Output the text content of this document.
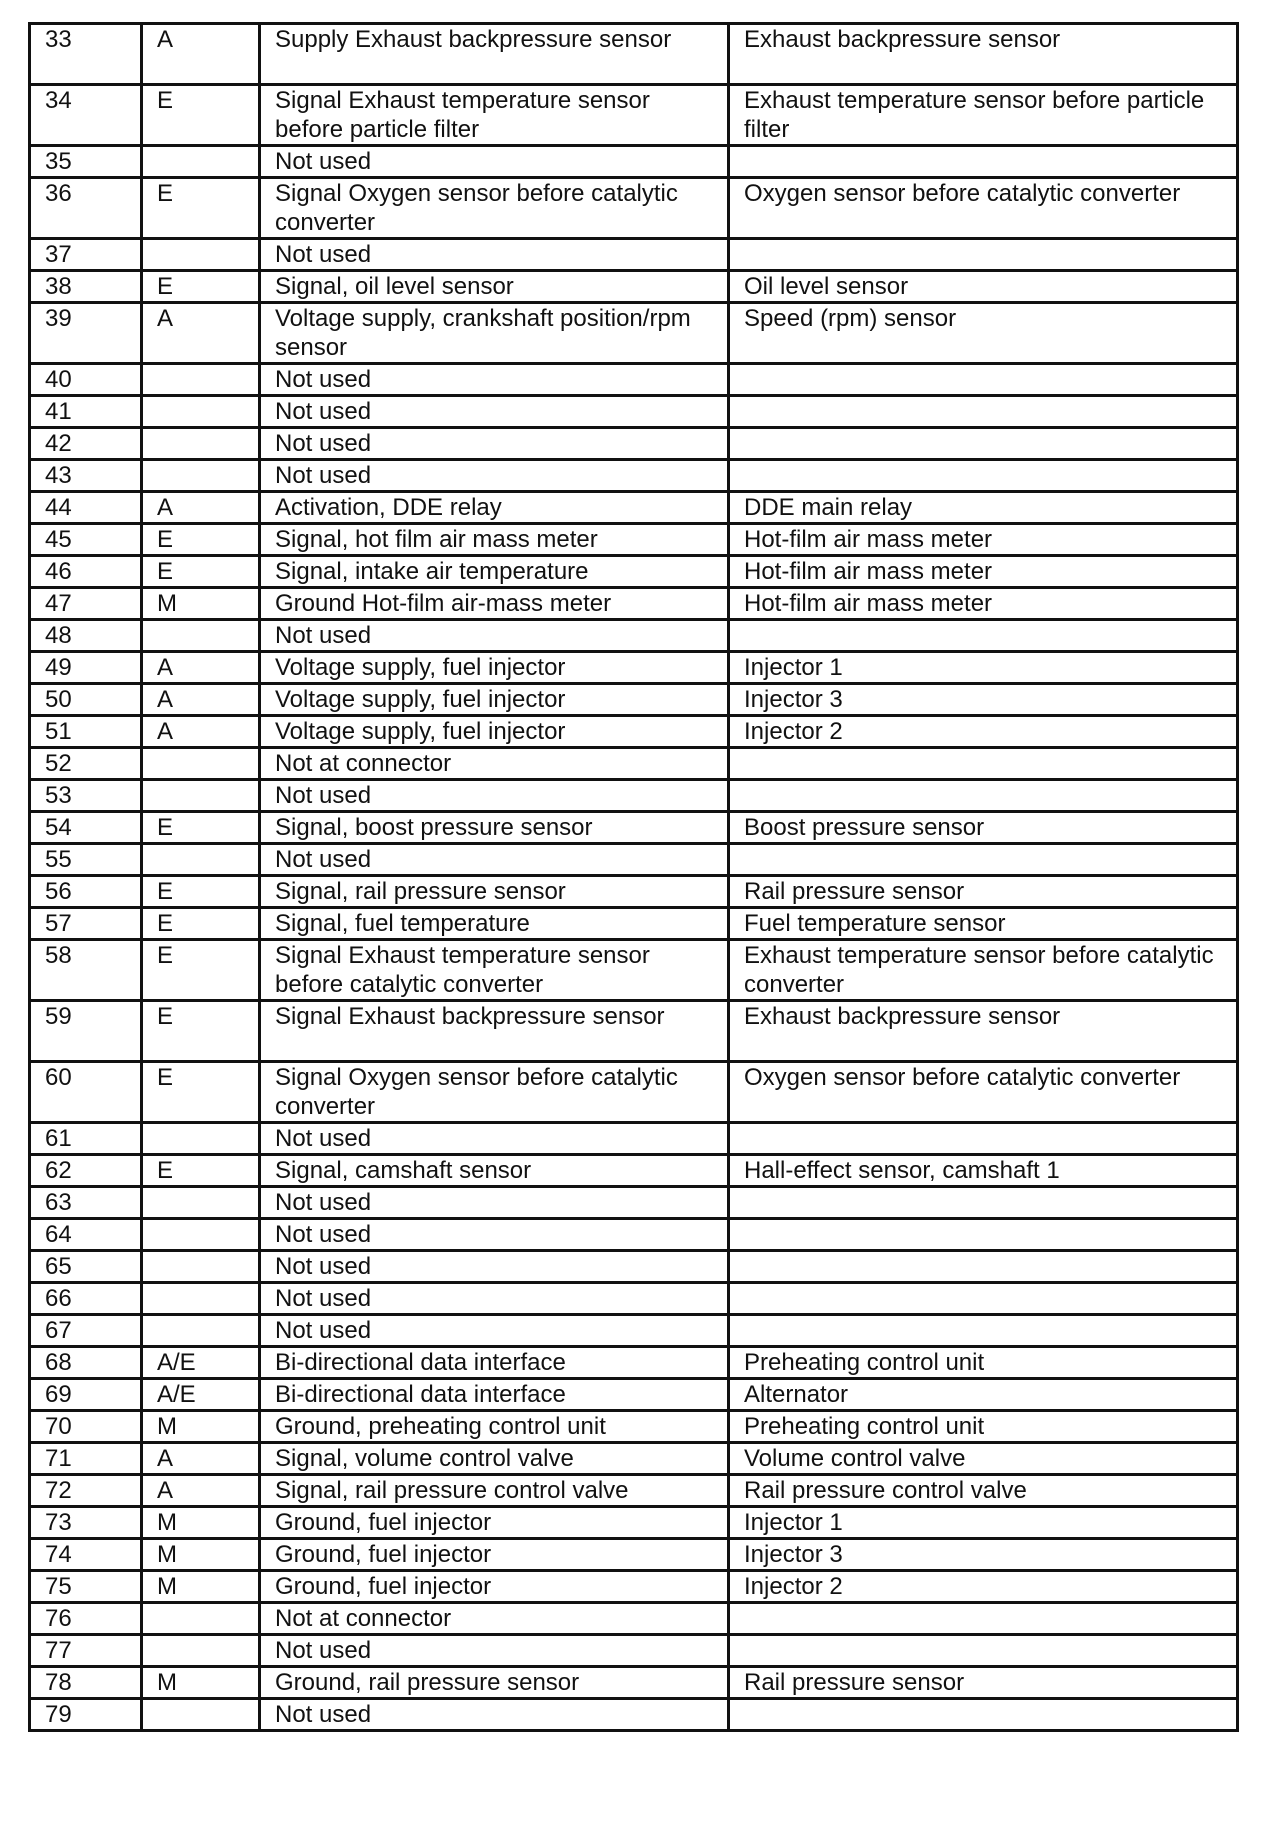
33	A	Supply Exhaust backpressure sensor	Exhaust backpressure sensor
34	E	Signal Exhaust temperature sensor before particle filter	Exhaust temperature sensor before particle filter
35		Not used	
36	E	Signal Oxygen sensor before catalytic converter	Oxygen sensor before catalytic converter
37		Not used	
38	E	Signal, oil level sensor	Oil level sensor
39	A	Voltage supply, crankshaft position/rpm sensor	Speed (rpm) sensor
40		Not used	
41		Not used	
42		Not used	
43		Not used	
44	A	Activation, DDE relay	DDE main relay
45	E	Signal, hot film air mass meter	Hot-film air mass meter
46	E	Signal, intake air temperature	Hot-film air mass meter
47	M	Ground Hot-film air-mass meter	Hot-film air mass meter
48		Not used	
49	A	Voltage supply, fuel injector	Injector 1
50	A	Voltage supply, fuel injector	Injector 3
51	A	Voltage supply, fuel injector	Injector 2
52		Not at connector	
53		Not used	
54	E	Signal, boost pressure sensor	Boost pressure sensor
55		Not used	
56	E	Signal, rail pressure sensor	Rail pressure sensor
57	E	Signal, fuel temperature	Fuel temperature sensor
58	E	Signal Exhaust temperature sensor before catalytic converter	Exhaust temperature sensor before catalytic converter
59	E	Signal Exhaust backpressure sensor	Exhaust backpressure sensor
60	E	Signal Oxygen sensor before catalytic converter	Oxygen sensor before catalytic converter
61		Not used	
62	E	Signal, camshaft sensor	Hall-effect sensor, camshaft 1
63		Not used	
64		Not used	
65		Not used	
66		Not used	
67		Not used	
68	A/E	Bi-directional data interface	Preheating control unit
69	A/E	Bi-directional data interface	Alternator
70	M	Ground, preheating control unit	Preheating control unit
71	A	Signal, volume control valve	Volume control valve
72	A	Signal, rail pressure control valve	Rail pressure control valve
73	M	Ground, fuel injector	Injector 1
74	M	Ground, fuel injector	Injector 3
75	M	Ground, fuel injector	Injector 2
76		Not at connector	
77		Not used	
78	M	Ground, rail pressure sensor	Rail pressure sensor
79		Not used	
